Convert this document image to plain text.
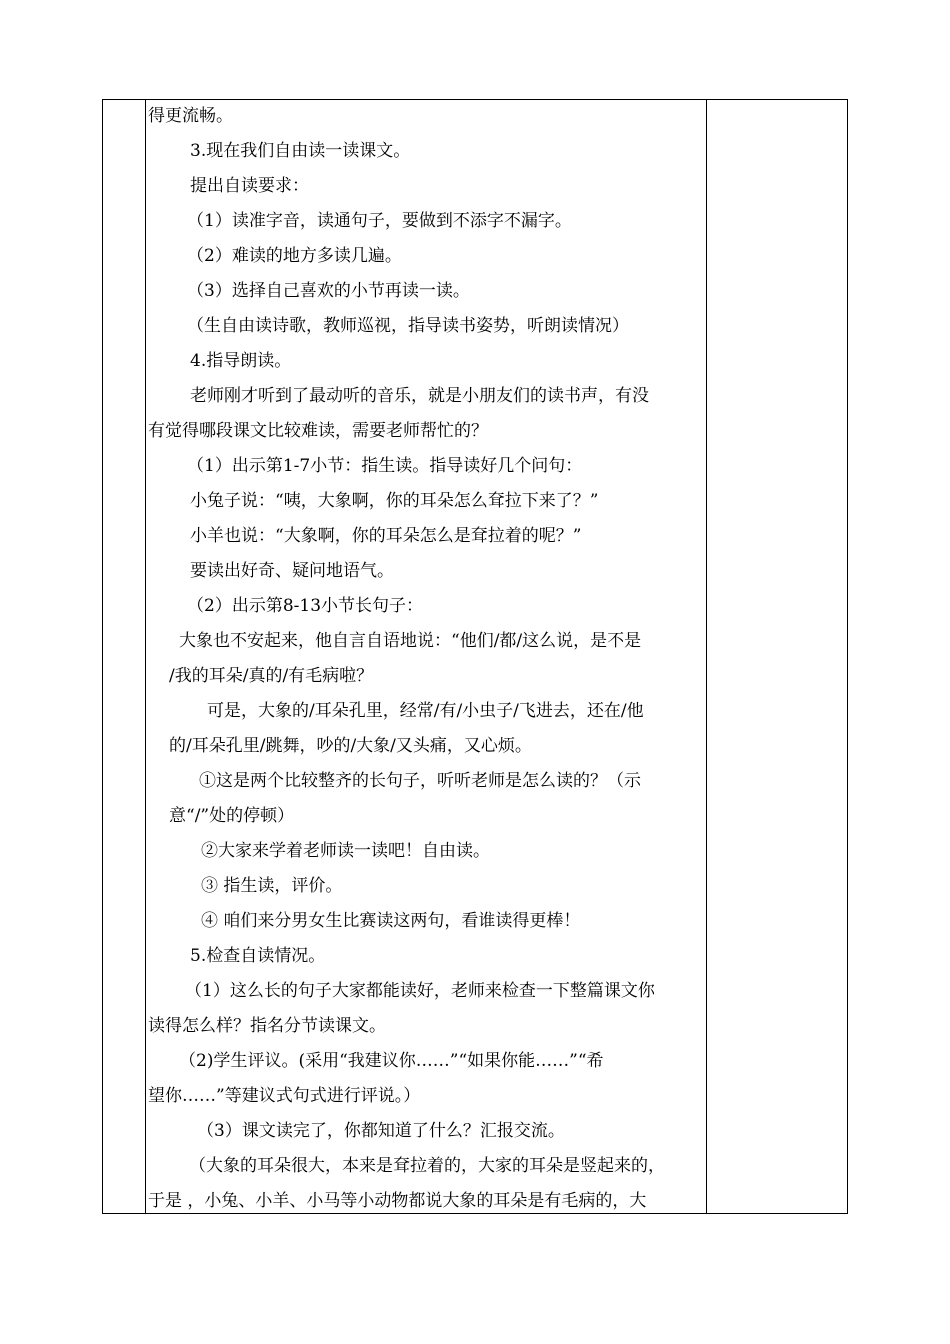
得更流畅。
3.现在我们自由读一读课文。
提出自读要求：
（1）读准字音，读通句子，要做到不添字不漏字。
（2）难读的地方多读几遍。
（3）选择自己喜欢的小节再读一读。
（生自由读诗歌，教师巡视，指导读书姿势，听朗读情况）
4.指导朗读。
老师刚才听到了最动听的音乐，就是小朋友们的读书声，有没
有觉得哪段课文比较难读，需要老师帮忙的？
（1）出示第1-7小节：指生读。指导读好几个问句：
小兔子说：“咦，大象啊，你的耳朵怎么耷拉下来了？”
小羊也说：“大象啊，你的耳朵怎么是耷拉着的呢？”
要读出好奇、疑问地语气。
（2）出示第8-13小节长句子：
大象也不安起来，他自言自语地说：“他们/都/这么说，是不是
/我的耳朵/真的/有毛病啦？
可是，大象的/耳朵孔里，经常/有/小虫子/飞进去，还在/他
的/耳朵孔里/跳舞，吵的/大象/又头痛，又心烦。
①这是两个比较整齐的长句子，听听老师是怎么读的？（示
意“/”处的停顿）
②大家来学着老师读一读吧！自由读。
③ 指生读，评价。
④ 咱们来分男女生比赛读这两句，看谁读得更棒！
5.检查自读情况。
（1）这么长的句子大家都能读好，老师来检查一下整篇课文你
读得怎么样？指名分节读课文。
（2)学生评议。(采用“我建议你……”“如果你能……”“希
望你……”等建议式句式进行评说。）
（3）课文读完了，你都知道了什么？汇报交流。
（大象的耳朵很大，本来是耷拉着的，大家的耳朵是竖起来的，
于是 ，小兔、小羊、小马等小动物都说大象的耳朵是有毛病的，大
